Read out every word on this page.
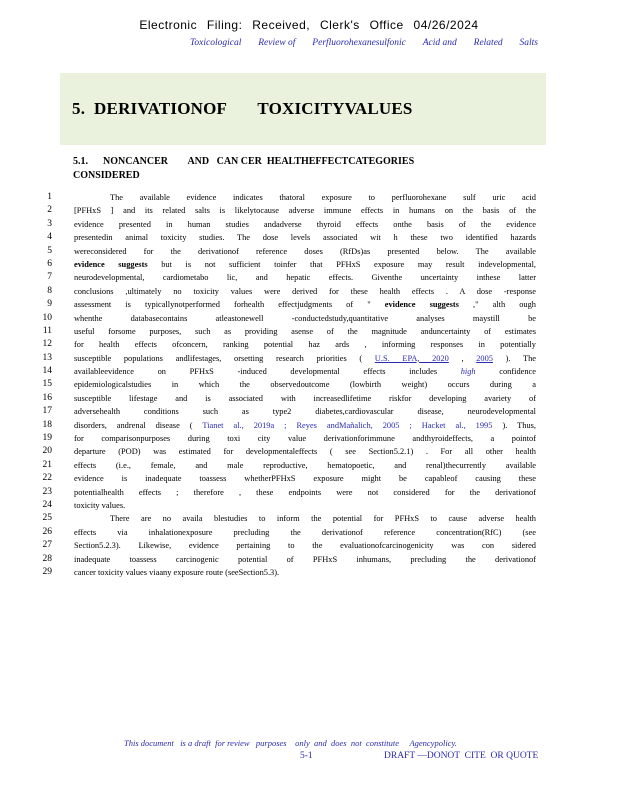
Electronic Filing: Received, Clerk's Office 04/26/2024
Toxicological Review of Perfluorohexanesulfonic Acid and Related Salts
5.  DERIVATIONOF       TOXICITYVALUES
5.1.      NONCANCER        AND   CAN CER  HEALTHEFFECTCATEGORIES
CONSIDERED
1	The available evidence indicates thatoral exposure to perfluorohexane sulf uric acid
2	[PFHxS ] and its related salts is likelytocause adverse immune effects in humans on the basis of the
3	evidence presented in human studies andadverse thyroid effects onthe basis of the evidence
4	presentedin animal toxicity studies. The dose levels associated wit h these two identified hazards
5	wereconsidered for the derivationof reference doses (RfDs)as presented below. The available
6	evidence suggests but is not sufficient toinfer that PFHxS exposure may result indevelopmental,
7	neurodevelopmental, cardiometabo lic, and hepatic effects. Giventhe uncertainty inthese latter
8	conclusions ,ultimately no toxicity values were derived for these health effects . A dose -response
9	assessment is typicallynotperformed forhealth effectjudgments of " evidence suggests ," alth ough
10	whenthe databasecontains atleastonewell -conductedstudy,quantitative analyses maystill be
11	useful forsome purposes, such as providing asense of the magnitude anduncertainty of estimates
12	for health effects ofconcern, ranking potential haz ards , informing responses in potentially
13	susceptible populations andlifestages, orsetting research priorities ( U.S. EPA, 2020 , 2005 ). The
14	availableevidence on PFHxS -induced developmental effects includes	high	confidence
15	epidemiologicalstudies in which the observedoutcome (lowbirth weight) occurs during a
16	susceptible lifestage and is associated with increasedlifetime riskfor developing avariety of
17	adversehealth conditions such as type2 diabetes,cardiovascular disease, neurodevelopmental
18	disorders, andrenal disease ( Tianet al., 2019a ; Reyes andMañalich, 2005 ; Hacket al., 1995 ). Thus,
19	for comparisonpurposes during toxi city value derivationforimmune andthyroideffects, a pointof
20	departure (POD) was estimated for developmentaleffects ( see Section5.2.1) . For all other health
21	effects (i.e., female, and male reproductive, hematopoetic, and renal)thecurrently available
22	evidence is inadequate toassess whetherPFHxS exposure might be capableof causing these
23	potentialhealth effects ; therefore , these endpoints were not considered for the derivationof
24	toxicity values.
25	There are no availa blestudies to inform the potential for PFHxS to cause adverse health
26	effects via inhalationexposure precluding the derivationof reference concentration(RfC) (see
27	Section5.2.3). Likewise, evidence pertaining to the evaluationofcarcinogenicity was con sidered
28	inadequate toassess carcinogenic potential of PFHxS inhumans, precluding the derivationof
29	cancer toxicity values viaany exposure route (seeSection5.3).
This document   is a draft  for review   purposes    only  and  does  not  constitute     Agencypolicy.
5-1	DRAFT —DONOT  CITE  OR QUOTE
